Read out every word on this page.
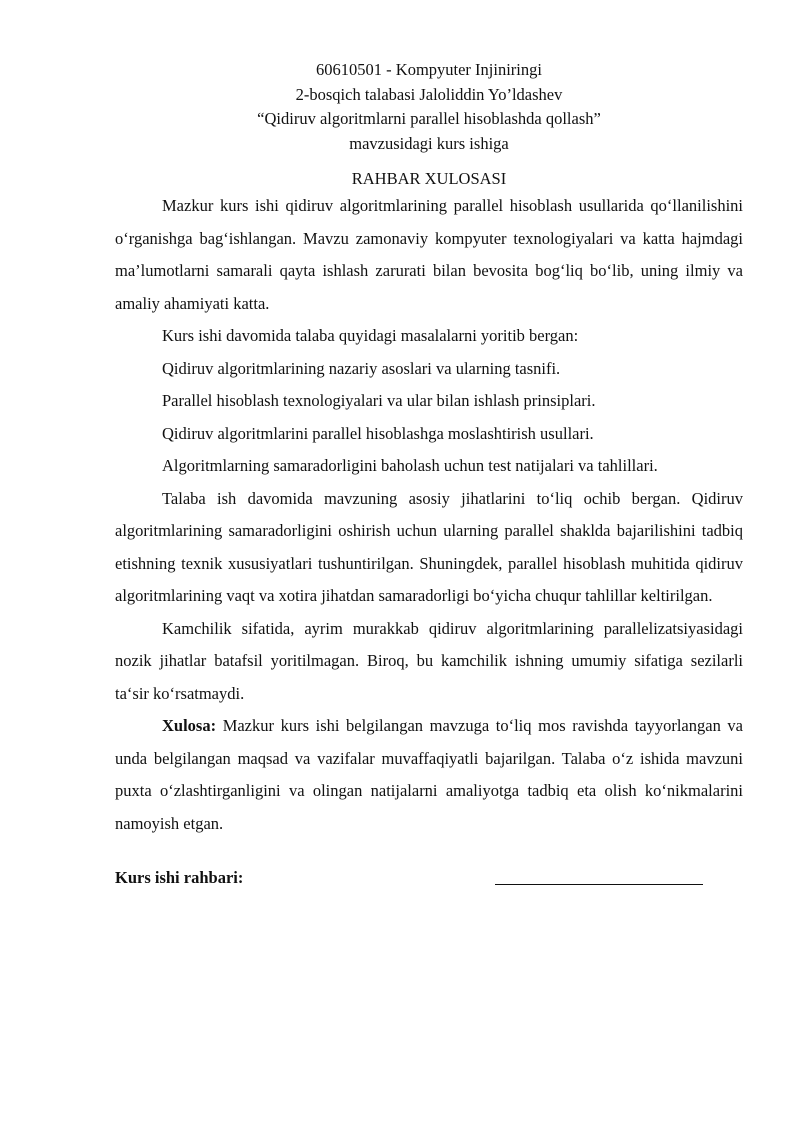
60610501 - Kompyuter Injiniringi
2-bosqich talabasi Jaloliddin Yo’ldashev
“Qidiruv algoritmlarni parallel hisoblashda qollash”
mavzusidagi kurs ishiga
RAHBAR XULOSASI

Mazkur kurs ishi qidiruv algoritmlarining parallel hisoblash usullarida qo‘llanilishini o‘rganishga bag‘ishlangan. Mavzu zamonaviy kompyuter texnologiyalari va katta hajmdagi ma’lumotlarni samarali qayta ishlash zarurati bilan bevosita bog‘liq bo‘lib, uning ilmiy va amaliy ahamiyati katta.

Kurs ishi davomida talaba quyidagi masalalarni yoritib bergan:

Qidiruv algoritmlarining nazariy asoslari va ularning tasnifi.

Parallel hisoblash texnologiyalari va ular bilan ishlash prinsiplari.

Qidiruv algoritmlarini parallel hisoblashga moslashtirish usullari.

Algoritmlarning samaradorligini baholash uchun test natijalari va tahlillari.

Talaba ish davomida mavzuning asosiy jihatlarini to‘liq ochib bergan. Qidiruv algoritmlarining samaradorligini oshirish uchun ularning parallel shaklda bajarilishini tadbiq etishning texnik xususiyatlari tushuntirilgan. Shuningdek, parallel hisoblash muhitida qidiruv algoritmlarining vaqt va xotira jihatdan samaradorligi bo‘yicha chuqur tahlillar keltirilgan.

Kamchilik sifatida, ayrim murakkab qidiruv algoritmlarining parallelizatsiyasidagi nozik jihatlar batafsil yoritilmagan. Biroq, bu kamchilik ishning umumiy sifatiga sezilarli ta‘sir ko‘rsatmaydi.

Xulosa: Mazkur kurs ishi belgilangan mavzuga to‘liq mos ravishda tayyorlangan va unda belgilangan maqsad va vazifalar muvaffaqiyatli bajarilgan. Talaba o‘z ishida mavzuni puxta o‘zlashtirganligini va olingan natijalarni amaliyotga tadbiq eta olish ko‘nikmalarini namoyish etgan.

Kurs ishi rahbari:
